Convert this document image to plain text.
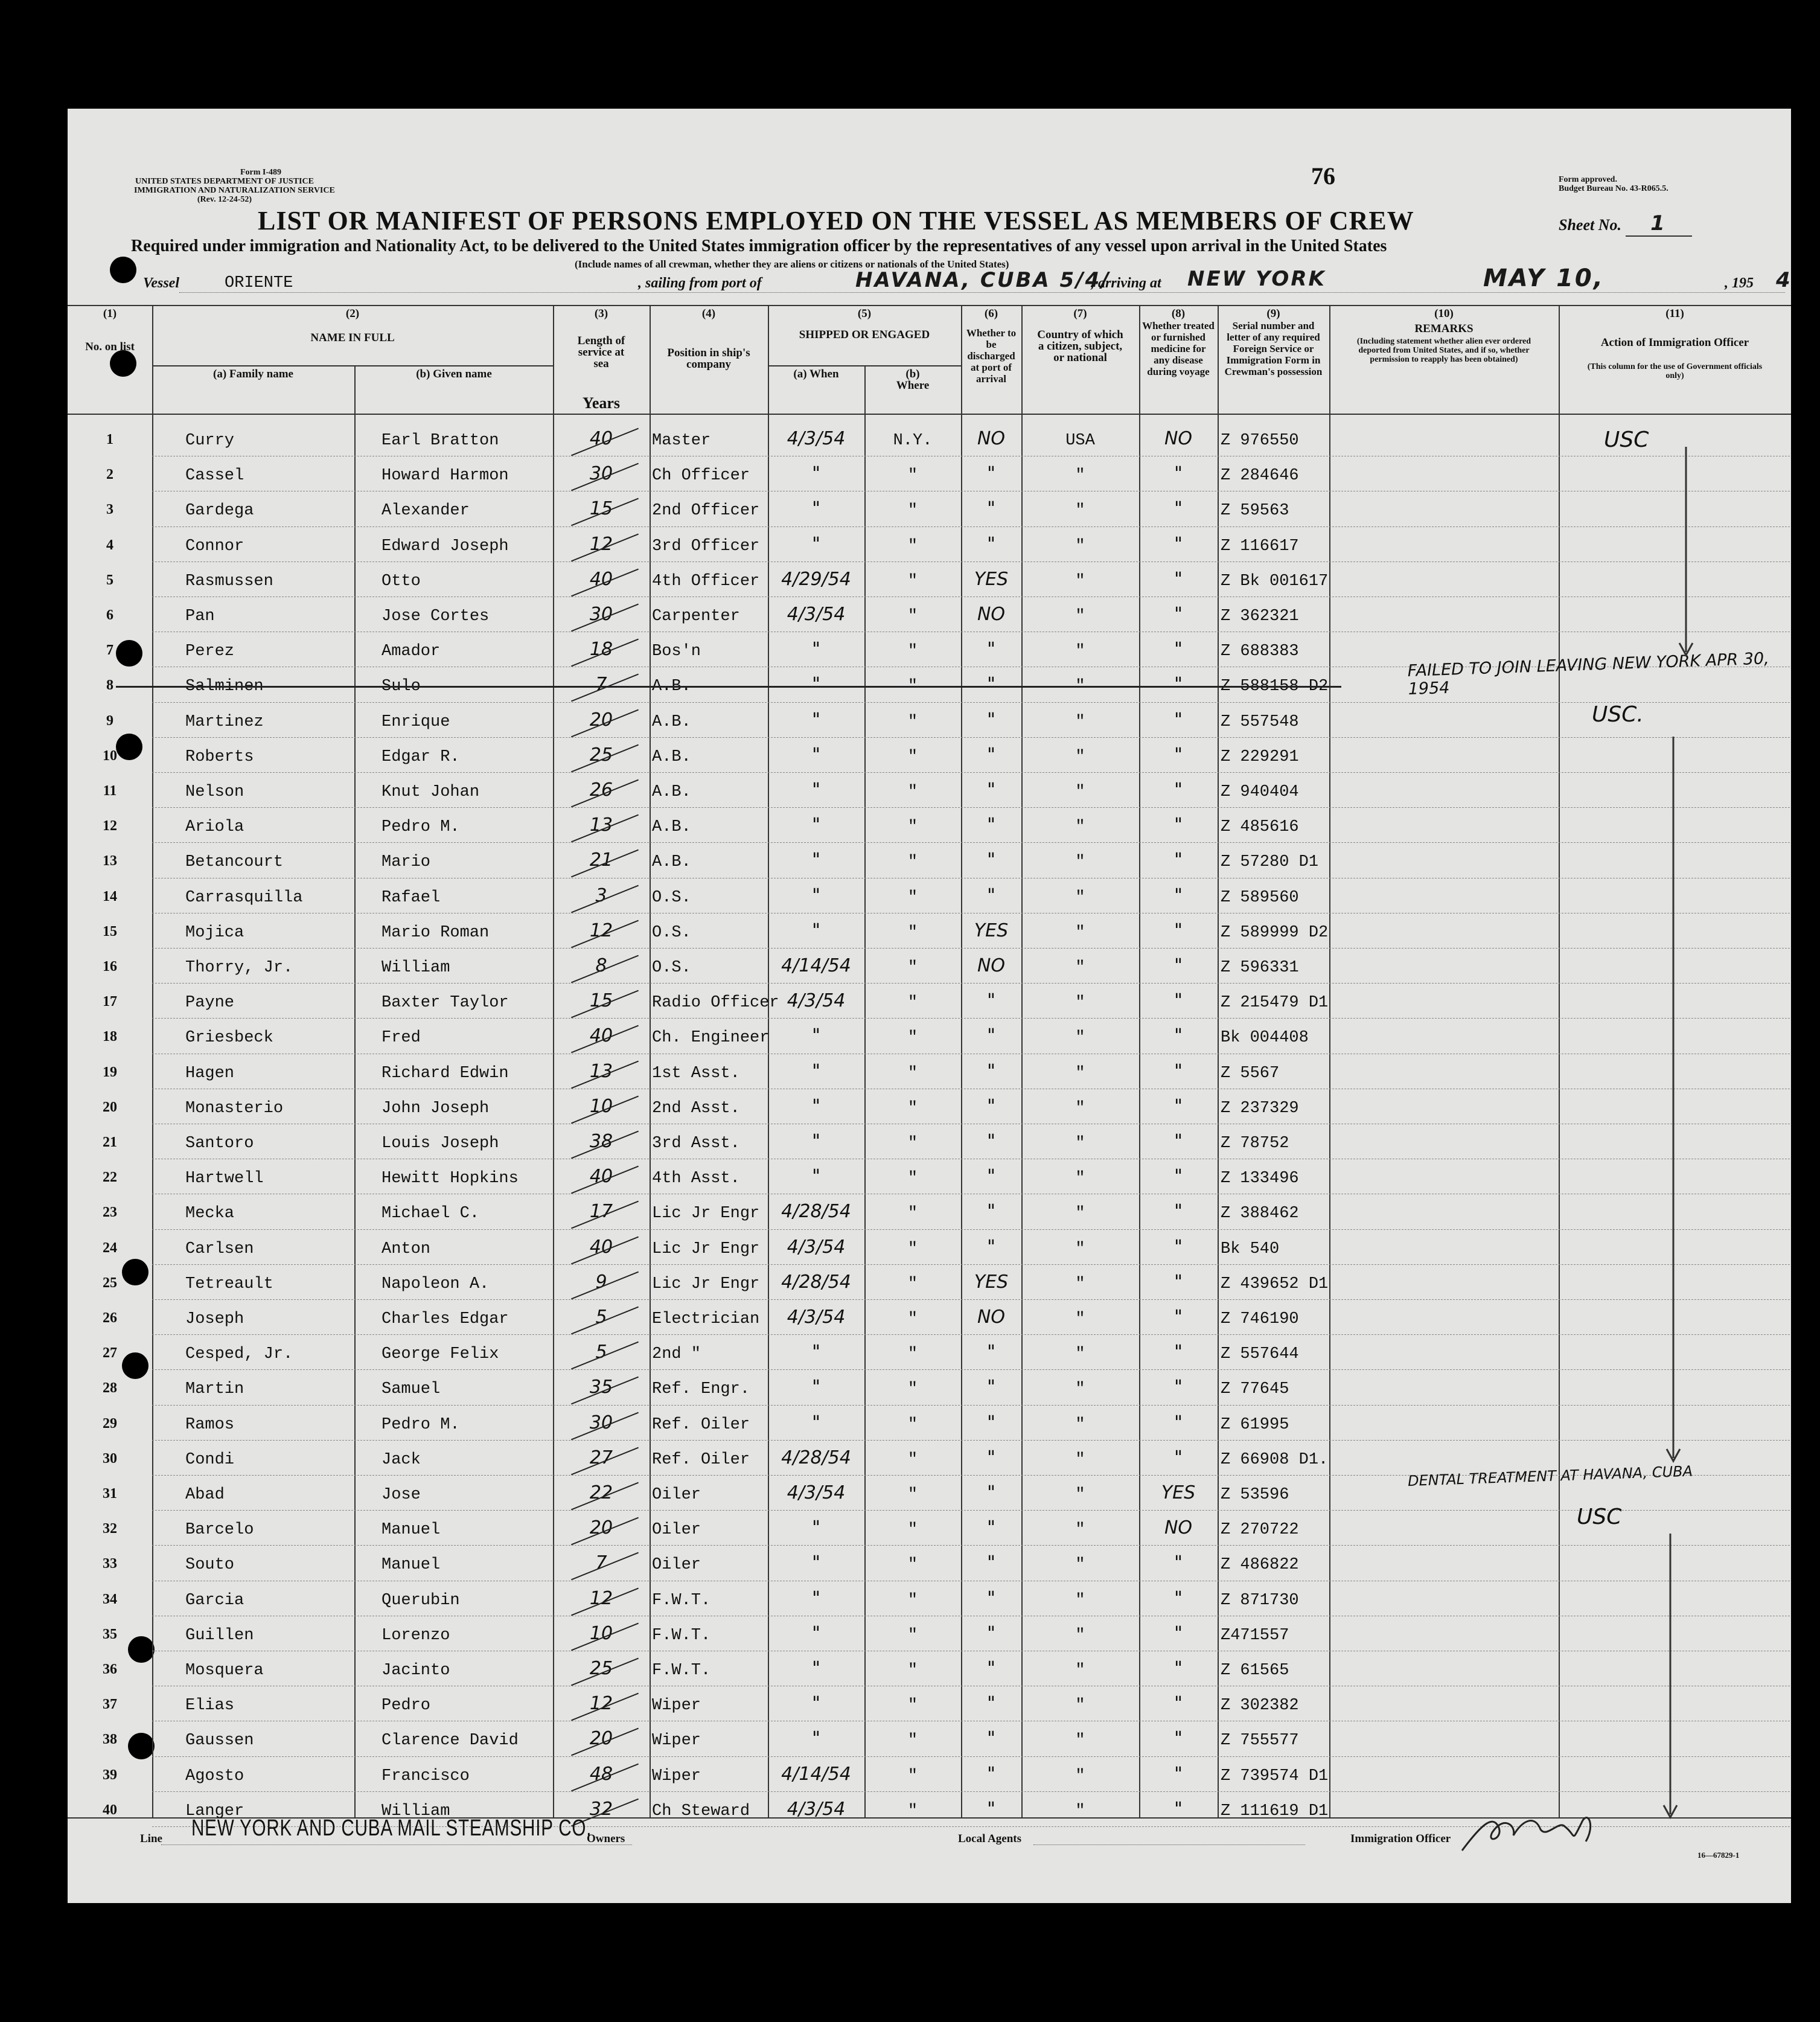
Form I-489
UNITED STATES DEPARTMENT OF JUSTICE
IMMIGRATION AND NATURALIZATION SERVICE
(Rev. 12-24-52)
76	Form approved.
Budget Bureau No. 43-R065.5.
LIST OR MANIFEST OF PERSONS EMPLOYED ON THE VESSEL AS MEMBERS OF CREW	Sheet No. 1
Required under immigration and Nationality Act, to be delivered to the United States immigration officer by the representatives of any vessel upon arrival in the United States
(Include names of all crewman, whether they are aliens or citizens or nationals of the United States)
Vessel	ORIENTE	, sailing from port of	HAVANA, CUBA 5/4/
, arriving at NEW YORK	MAY 10,	, 195 4
(1)
No. on list
(2)
NAME IN FULL
(a) Family name	(b) Given name
(3)
Length of service at sea
Years
(4)
Position in ship's company
(5)
SHIPPED OR ENGAGED
(a) When	(b) Where
(6)
Whether to be discharged at port of arrival
(7)
Country of which a citizen, subject, or national
(8)
Whether treated or furnished medicine for any disease during voyage
(9)
Serial number and letter of any required Foreign Service or Immigration Form in Crewman's possession
(10)
REMARKS
(Including statement whether alien ever ordered deported from United States, and if so, whether permission to reapply has been obtained)
(11)
Action of Immigration Officer
(This column for the use of Government officials only)
1	Curry	Earl Bratton	40	Master	4/3/54	N.Y.	NO	USA	NO	Z 976550
2	Cassel	Howard Harmon	30	Ch Officer	"	"	"	"	"	Z 284646
3	Gardega	Alexander	15	2nd Officer	"	"	"	"	"	Z 59563
4	Connor	Edward Joseph	12	3rd Officer	"	"	"	"	"	Z 116617
5	Rasmussen	Otto	40	4th Officer	4/29/54	"	YES	"	"	Z Bk 001617
6	Pan	Jose Cortes	30	Carpenter	4/3/54	"	NO	"	"	Z 362321
7	Perez	Amador	18	Bos'n	"	"	"	"	"	Z 688383
8	Salminen	Sulo	7	A.B.	"	"	"	"	"	Z 588158 D2
9	Martinez	Enrique	20	A.B.	"	"	"	"	"	Z 557548
10	Roberts	Edgar R.	25	A.B.	"	"	"	"	"	Z 229291
11	Nelson	Knut Johan	26	A.B.	"	"	"	"	"	Z 940404
12	Ariola	Pedro M.	13	A.B.	"	"	"	"	"	Z 485616
13	Betancourt	Mario	21	A.B.	"	"	"	"	"	Z 57280 D1
14	Carrasquilla	Rafael	3	O.S.	"	"	"	"	"	Z 589560
15	Mojica	Mario Roman	12	O.S.	"	"	YES	"	"	Z 589999 D2
16	Thorry, Jr.	William	8	O.S.	4/14/54	"	NO	"	"	Z 596331
17	Payne	Baxter Taylor	15	Radio Officer 4/3/54	"	"	"	"	Z 215479 D1
18	Griesbeck	Fred	40	Ch. Engineer	"	"	"	"	"	Bk 004408
19	Hagen	Richard Edwin	13	1st Asst.	"	"	"	"	"	Z 5567
20	Monasterio	John Joseph	10	2nd Asst.	"	"	"	"	"	Z 237329
21	Santoro	Louis Joseph	38	3rd Asst.	"	"	"	"	"	Z 78752
22	Hartwell	Hewitt Hopkins	40	4th Asst.	"	"	"	"	"	Z 133496
23	Mecka	Michael C.	17	Lic Jr Engr	4/28/54	"	"	"	"	Z 388462
24	Carlsen	Anton	40	Lic Jr Engr	4/3/54	"	"	"	"	Bk 540
25	Tetreault	Napoleon A.	9	Lic Jr Engr	4/28/54	"	YES	"	"	Z 439652 D1
26	Joseph	Charles Edgar	5	Electrician	4/3/54	"	NO	"	"	Z 746190
27	Cesped, Jr.	George Felix	5	2nd "	"	"	"	"	"	Z 557644
28	Martin	Samuel	35	Ref. Engr.	"	"	"	"	"	Z 77645
29	Ramos	Pedro M.	30	Ref. Oiler	"	"	"	"	"	Z 61995
30	Condi	Jack	27	Ref. Oiler	4/28/54	"	"	"	"	Z 66908 D1.
31	Abad	Jose	22	Oiler	4/3/54	"	"	"	YES	Z 53596
32	Barcelo	Manuel	20	Oiler	"	"	"	"	NO	Z 270722
33	Souto	Manuel	7	Oiler	"	"	"	"	"	Z 486822
34	Garcia	Querubin	12	F.W.T.	"	"	"	"	"	Z 871730
35	Guillen	Lorenzo	10	F.W.T.	"	"	"	"	"	Z471557
36	Mosquera	Jacinto	25	F.W.T.	"	"	"	"	"	Z 61565
37	Elias	Pedro	12	Wiper	"	"	"	"	"	Z 302382
38	Gaussen	Clarence David	20	Wiper	"	"	"	"	"	Z 755577
39	Agosto	Francisco	48	Wiper	4/14/54	"	"	"	"	Z 739574 D1
40	Langer	William	32	Ch Steward	4/3/54	"	"	"	"	Z 111619 D1
FAILED TO JOIN LEAVING NEW YORK APR 30, 1954
DENTAL TREATMENT AT HAVANA, CUBA
USC
USC.
USC
Line NEW YORK AND CUBA MAIL STEAMSHIP CO.
Owners	Local Agents	Immigration Officer
16—67829-1
